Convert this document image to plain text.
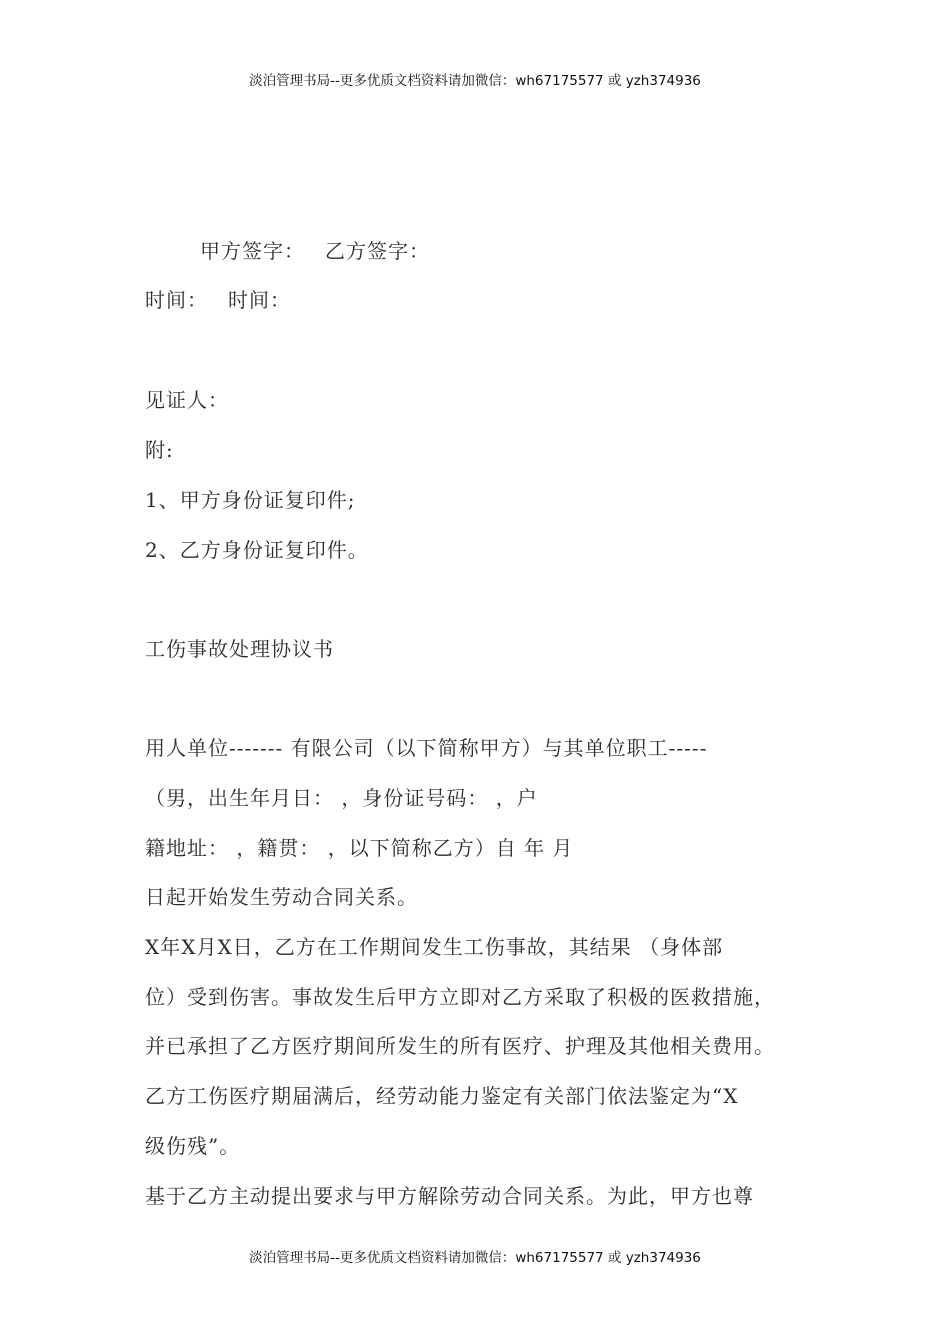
淡泊管理书局--更多优质文档资料请加微信：wh67175577 或 yzh374936
甲方签字： 乙方签字：
时间： 时间：
见证人：
附:
1、甲方身份证复印件;
2、乙方身份证复印件。
工伤事故处理协议书
用人单位------- 有限公司（以下简称甲方）与其单位职工-----
（男，出生年月日： ，身份证号码： ，户
籍地址： ，籍贯： ，以下简称乙方）自 年 月
日起开始发生劳动合同关系。
X年X月X日，乙方在工作期间发生工伤事故，其结果 （身体部
位）受到伤害。事故发生后甲方立即对乙方采取了积极的医救措施，
并已承担了乙方医疗期间所发生的所有医疗、护理及其他相关费用。
乙方工伤医疗期届满后，经劳动能力鉴定有关部门依法鉴定为“X
级伤残”。
基于乙方主动提出要求与甲方解除劳动合同关系。为此，甲方也尊
淡泊管理书局--更多优质文档资料请加微信：wh67175577 或 yzh374936
